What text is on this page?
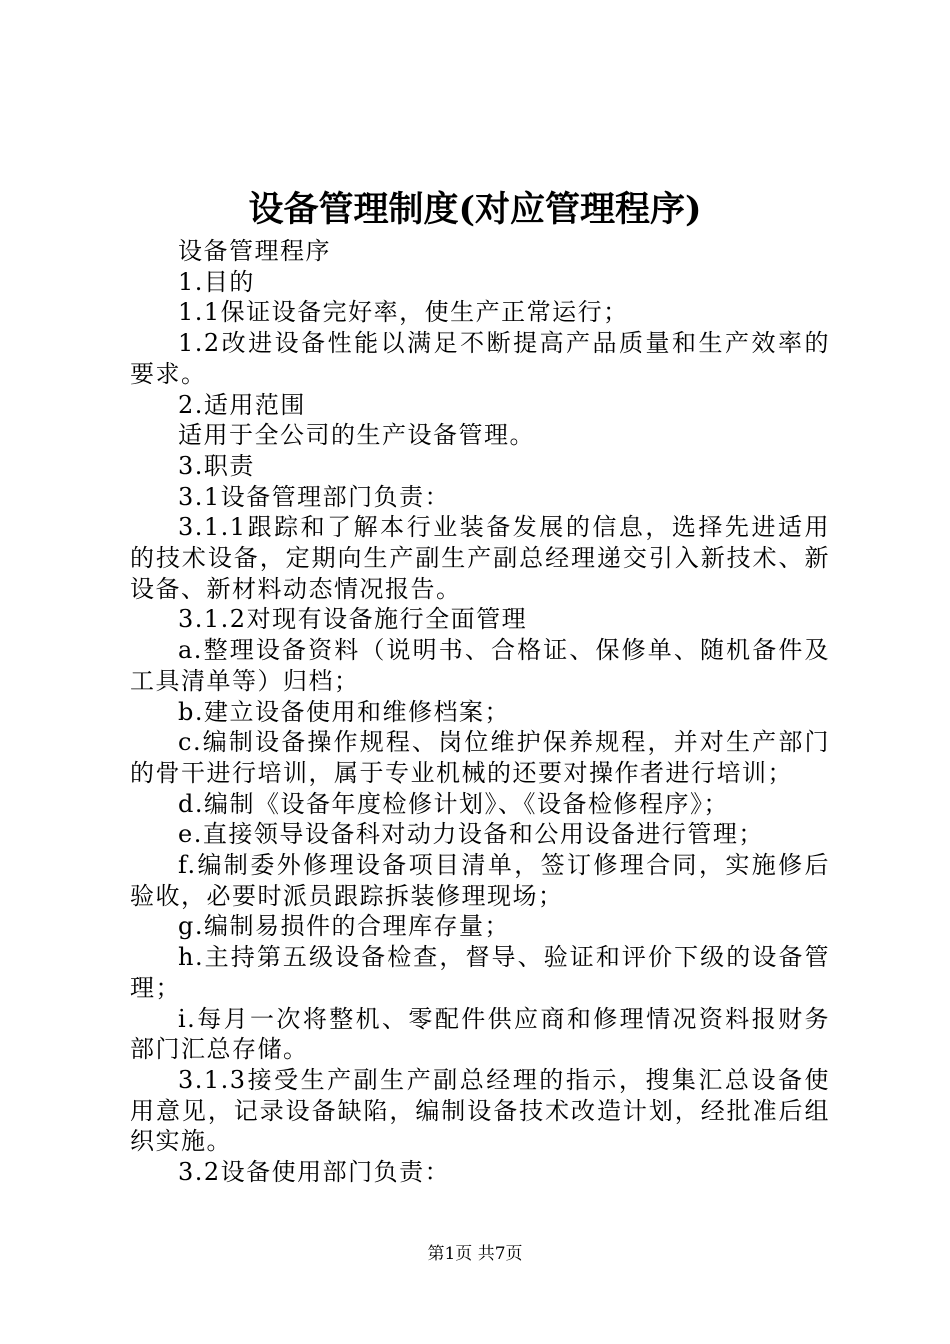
设备管理制度(对应管理程序)

设备管理程序

1.目的

1.1保证设备完好率，使生产正常运行；

1.2改进设备性能以满足不断提高产品质量和生产效率的要求。

2.适用范围

适用于全公司的生产设备管理。

3.职责

3.1设备管理部门负责：

3.1.1跟踪和了解本行业装备发展的信息，选择先进适用的技术设备，定期向生产副生产副总经理递交引入新技术、新设备、新材料动态情况报告。

3.1.2对现有设备施行全面管理

a.整理设备资料（说明书、合格证、保修单、随机备件及工具清单等）归档；

b.建立设备使用和维修档案；

c.编制设备操作规程、岗位维护保养规程，并对生产部门的骨干进行培训，属于专业机械的还要对操作者进行培训；

d.编制《设备年度检修计划》、《设备检修程序》；

e.直接领导设备科对动力设备和公用设备进行管理；

f.编制委外修理设备项目清单，签订修理合同，实施修后验收，必要时派员跟踪拆装修理现场；

g.编制易损件的合理库存量；

h.主持第五级设备检查，督导、验证和评价下级的设备管理；

i.每月一次将整机、零配件供应商和修理情况资料报财务部门汇总存储。

3.1.3接受生产副生产副总经理的指示，搜集汇总设备使用意见，记录设备缺陷，编制设备技术改造计划，经批准后组织实施。

3.2设备使用部门负责：

第1页 共7页
